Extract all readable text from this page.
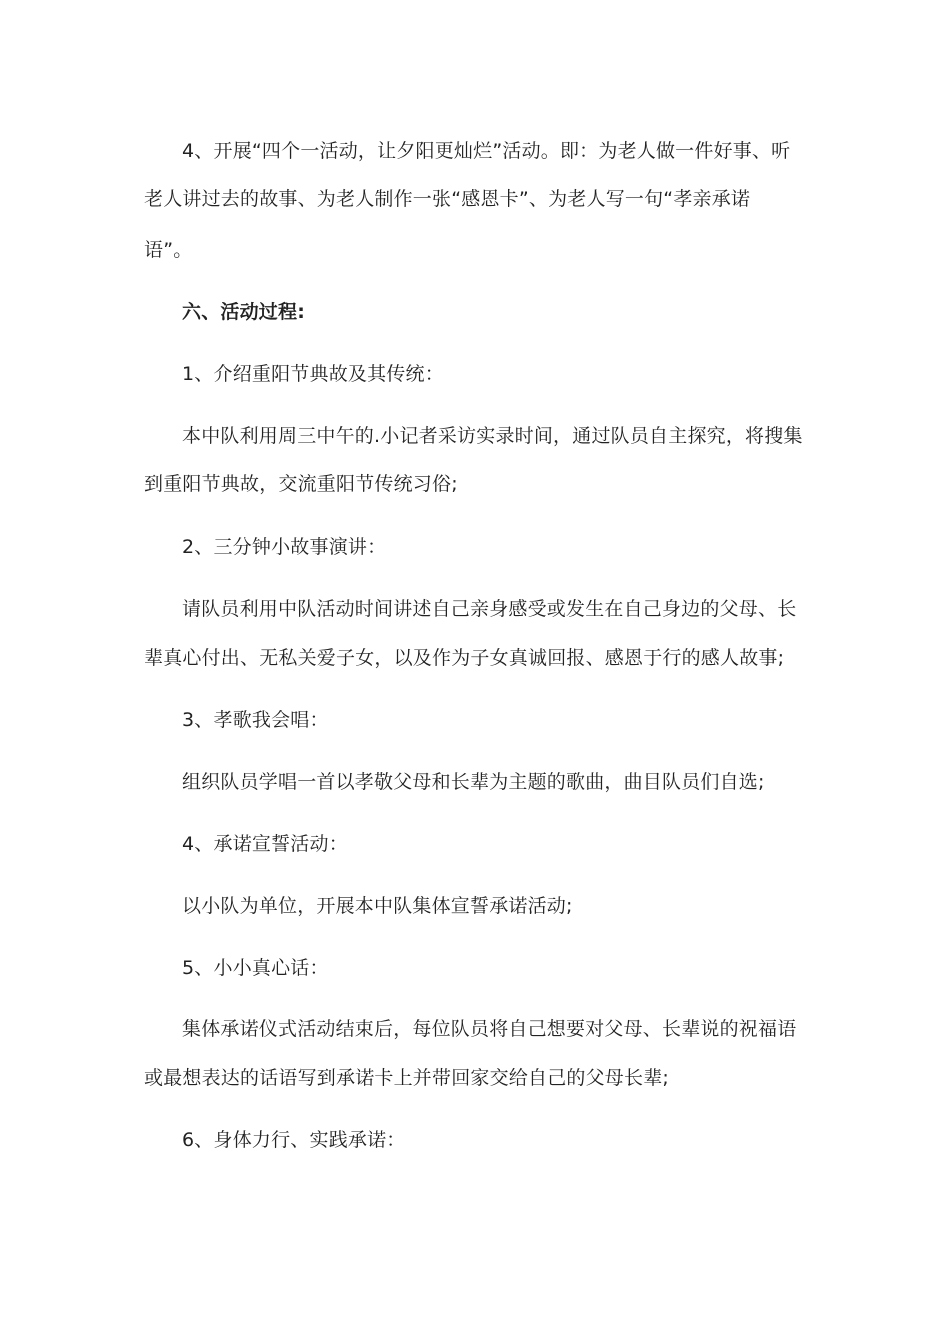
4、开展“四个一活动，让夕阳更灿烂”活动。即：为老人做一件好事、听
老人讲过去的故事、为老人制作一张“感恩卡”、为老人写一句“孝亲承诺
语”。
六、活动过程:
1、介绍重阳节典故及其传统：
本中队利用周三中午的.小记者采访实录时间，通过队员自主探究，将搜集
到重阳节典故，交流重阳节传统习俗;
2、三分钟小故事演讲：
请队员利用中队活动时间讲述自己亲身感受或发生在自己身边的父母、长
辈真心付出、无私关爱子女，以及作为子女真诚回报、感恩于行的感人故事;
3、孝歌我会唱：
组织队员学唱一首以孝敬父母和长辈为主题的歌曲，曲目队员们自选;
4、承诺宣誓活动：
以小队为单位，开展本中队集体宣誓承诺活动;
5、小小真心话：
集体承诺仪式活动结束后，每位队员将自己想要对父母、长辈说的祝福语
或最想表达的话语写到承诺卡上并带回家交给自己的父母长辈;
6、身体力行、实践承诺：
